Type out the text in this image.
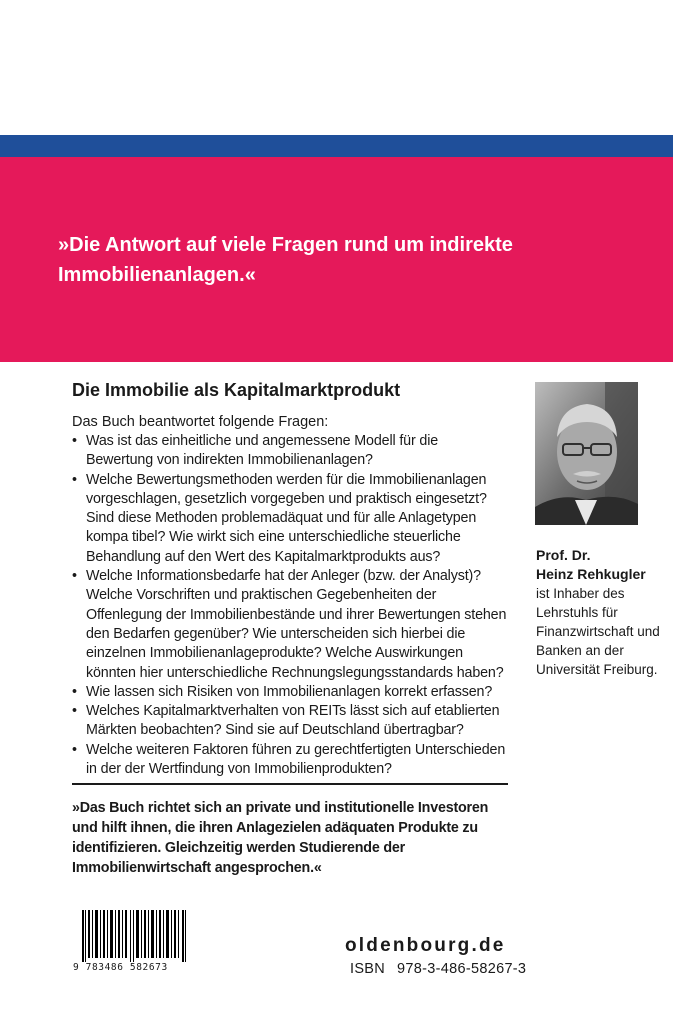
»Die Antwort auf viele Fragen rund um indirekte Immobilienanlagen.«
Die Immobilie als Kapitalmarktprodukt
Das Buch beantwortet folgende Fragen:
• Was ist das einheitliche und angemessene Modell für die Bewertung von indirekten Immobilienanlagen?
• Welche Bewertungsmethoden werden für die Immobilienanlagen vorgeschlagen, gesetzlich vorgegeben und praktisch eingesetzt? Sind diese Methoden problemadäquat und für alle Anlagetypen kompa tibel? Wie wirkt sich eine unterschiedliche steuerliche Behandlung auf den Wert des Kapitalmarktprodukts aus?
• Welche Informationsbedarfe hat der Anleger (bzw. der Analyst)? Welche Vorschriften und praktischen Gegebenheiten der Offenlegung der Immobilienbestände und ihrer Bewertungen stehen den Bedarfen gegenüber? Wie unterscheiden sich hierbei die einzelnen Immobilienanlageprodukte? Welche Auswirkungen könnten hier unterschiedliche Rechnungslegungsstandards haben?
• Wie lassen sich Risiken von Immobilienanlagen korrekt erfassen?
• Welches Kapitalmarktverhalten von REITs lässt sich auf etablierten Märkten beobachten? Sind sie auf Deutschland übertragbar?
• Welche weiteren Faktoren führen zu gerechtfertigten Unterschieden in der der Wertfindung von Immobilienprodukten?
Prof. Dr.
Heinz Rehkugler
ist Inhaber des Lehrstuhls für Finanzwirtschaft und Banken an der Universität Freiburg.
»Das Buch richtet sich an private und institutionelle Investoren und hilft ihnen, die ihren Anlagezielen adäquaten Produkte zu identifizieren. Gleichzeitig werden Studierende der Immobilienwirtschaft angesprochen.«
9 783486 582673
oldenbourg.de
ISBN 978-3-486-58267-3
